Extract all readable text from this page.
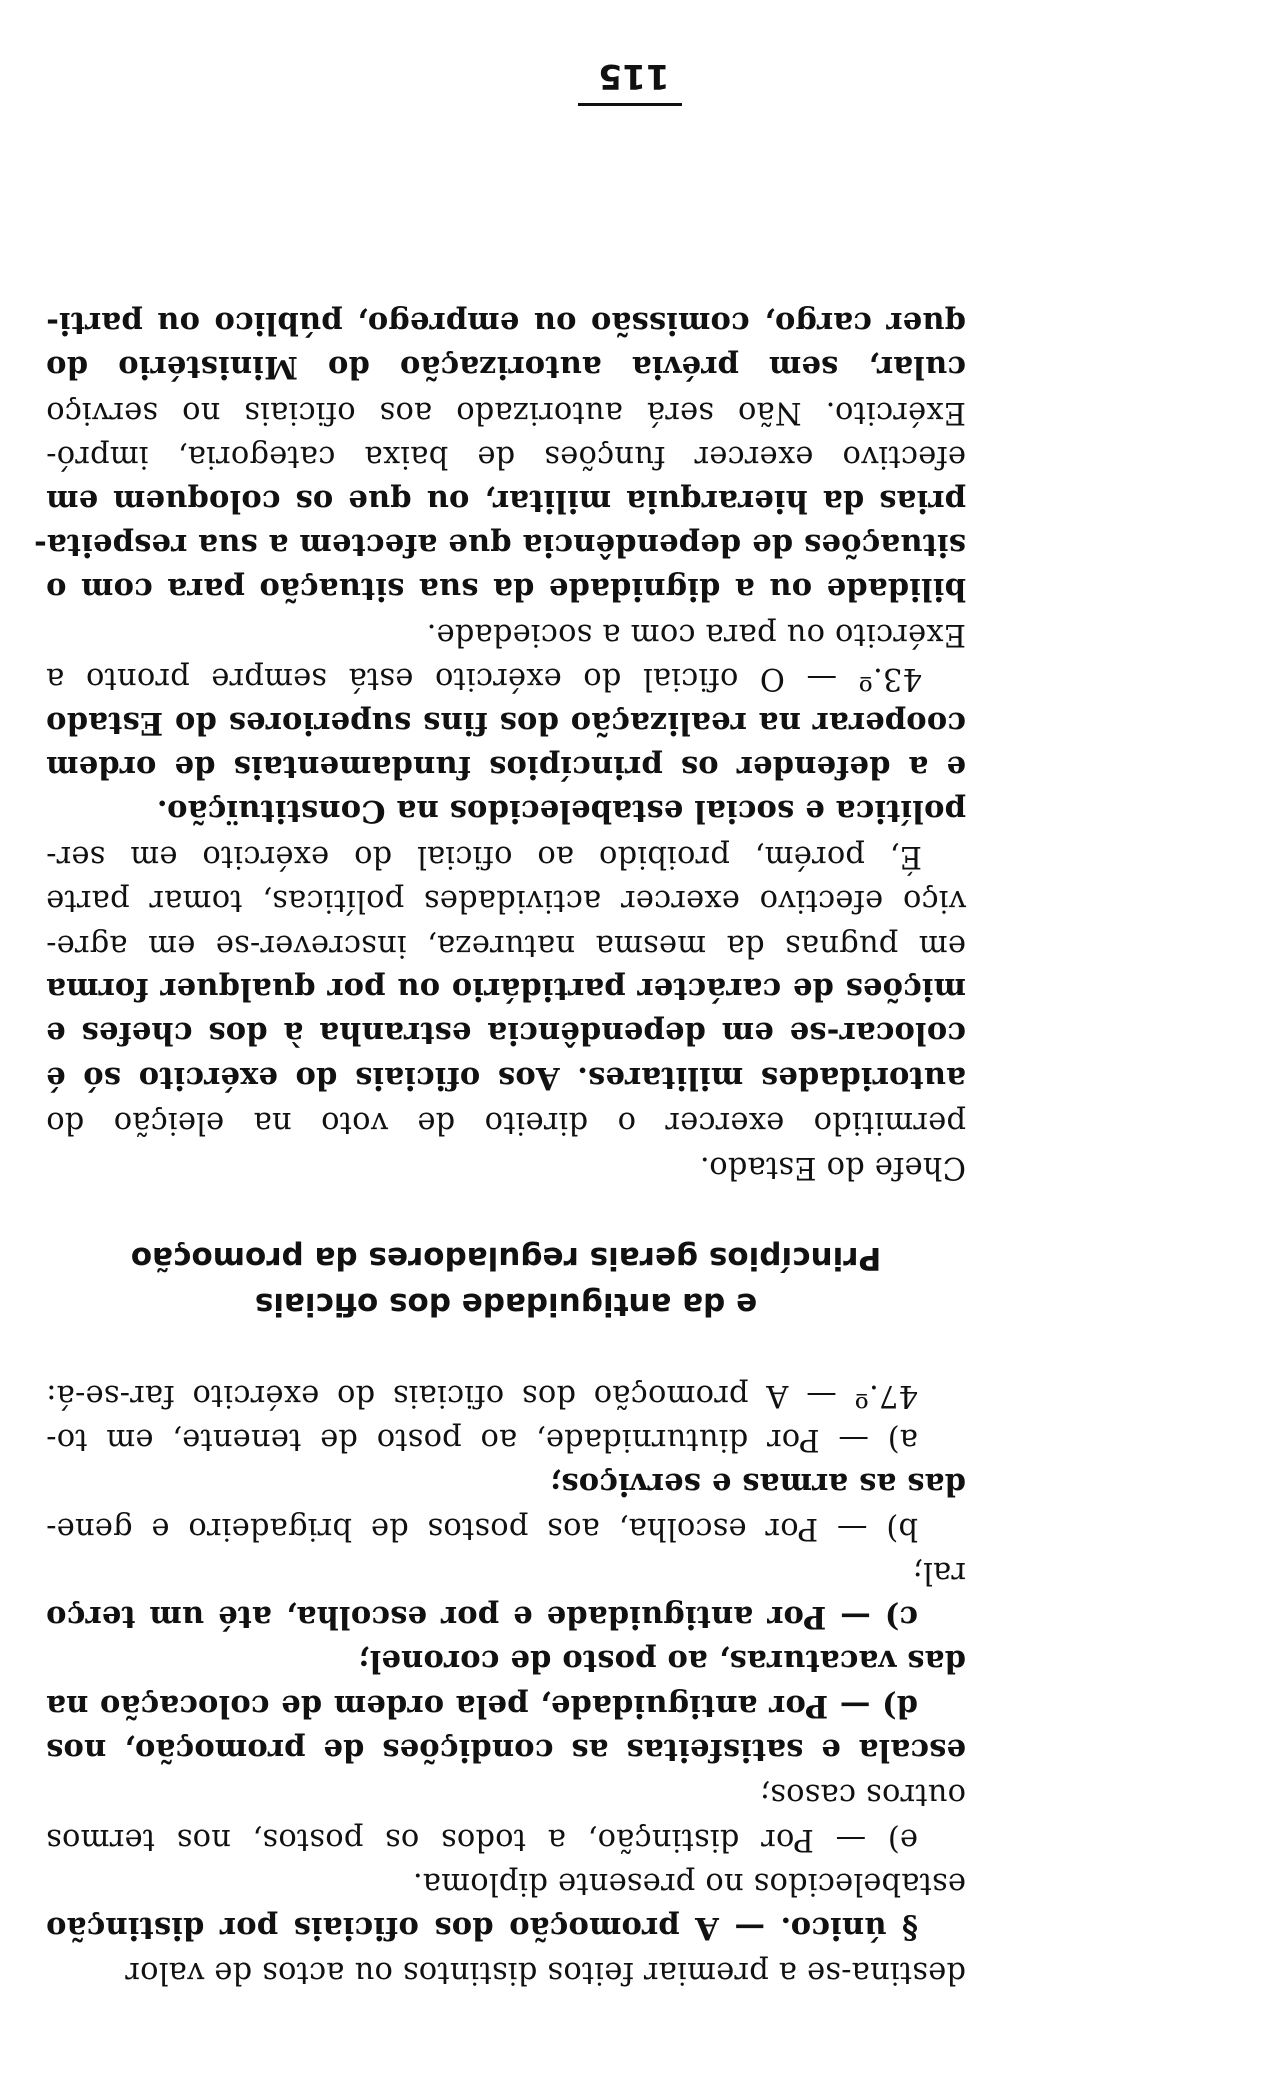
destina-se a premiar feitos distintos ou actos de valor
§ único. — A promoção dos oficiais por distinção
estabelecidos no presente diploma.
e) — Por distinção, a todos os postos, nos termos
outros casos;
escala e satisfeitas as condições de promoção, nos
d) — Por antiguidade, pela ordem de colocação na
das vacaturas, ao posto de coronel;
c) — Por antiguidade e por escolha, até um terço
ral;
b) — Por escolha, aos postos de brigadeiro e gene-
das as armas e serviços;
a) — Por diuturnidade, ao posto de tenente, em to-
47.º — A promoção dos oficiais do exército far-se-á:
e da antiguidade dos oficiais
Princípios gerais reguladores da promoção
Chefe do Estado.
permitido exercer o direito de voto na eleição do
autoridades militares. Aos oficiais do exército só é
colocar-se em dependência estranha à dos chefes e
mições de carácter partidário ou por qualquer forma
em pugnas da mesma natureza, inscrever-se em agre-
viço efectivo exercer actividades políticas, tomar parte
É, porém, proibido ao oficial do exército em ser-
política e social estabelecidos na Constituïção.
e a defender os princípios fundamentais de ordem
cooperar na realização dos fins superiores do Estado
43.º — O oficial do exército está sempre pronto a
Exército ou para com a sociedade.
bilidade ou a dignidade da sua situação para com o
situações de dependência que afectem a sua respeita-
prias da hierarquia militar, ou que os coloquem em
efectivo exercer funções de baixa categoria, impró-
Exército. Não será autorizado aos oficiais no serviço
cular, sem prévia autorização do Ministério do
quer cargo, comissão ou emprego, público ou parti-
115
